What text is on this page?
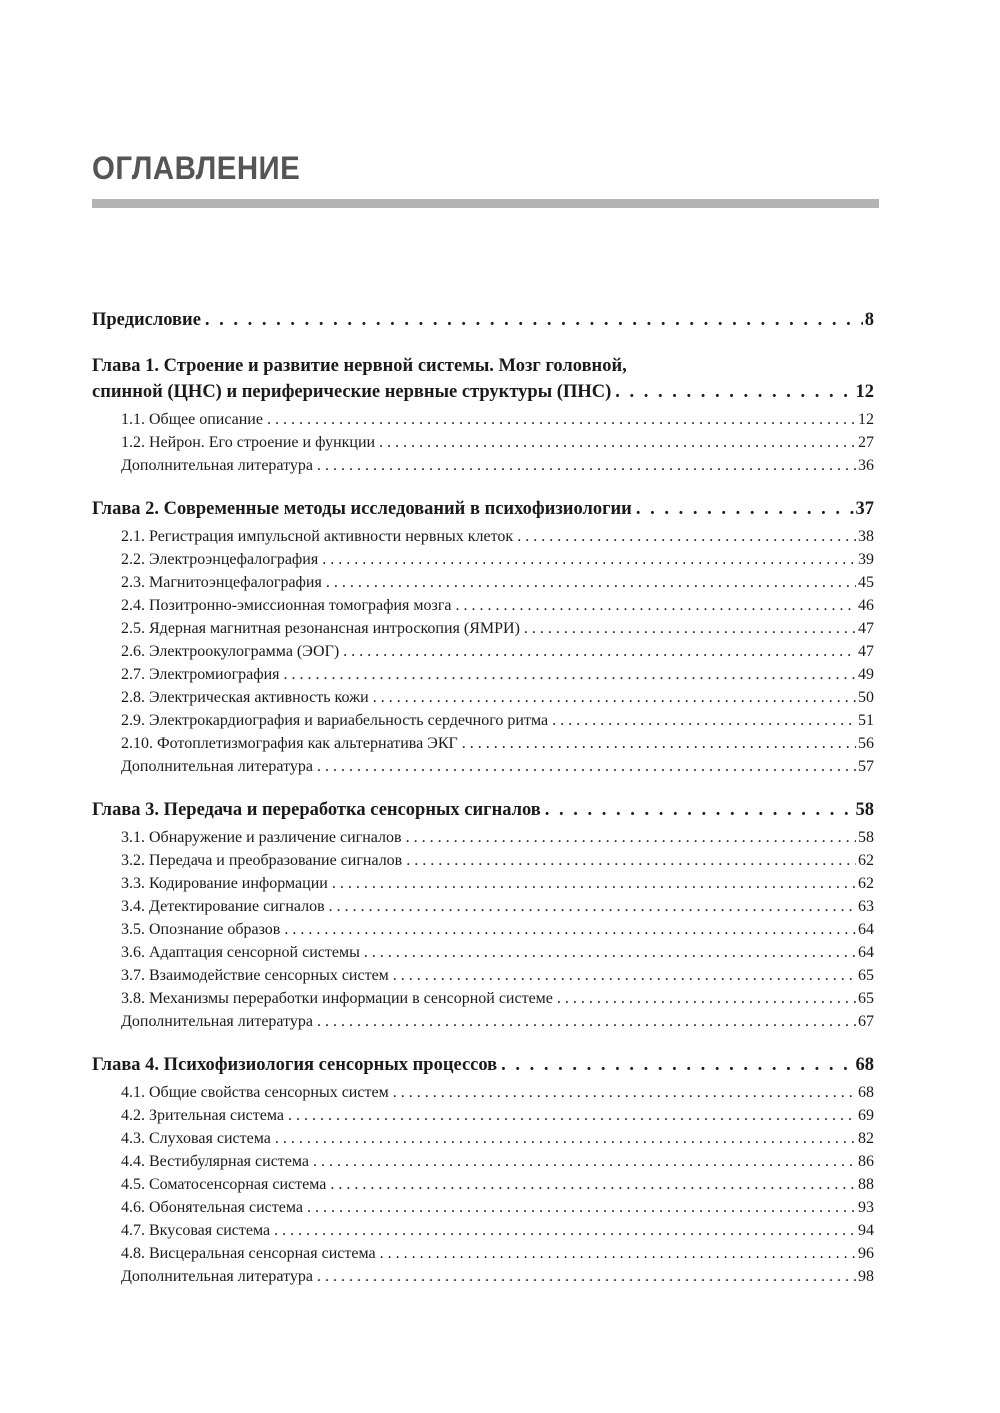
ОГЛАВЛЕНИЕ
Предисловие . . .	8
Глава 1. Строение и развитие нервной системы. Мозг головной,
спинной (ЦНС) и периферические нервные структуры (ПНС) . . .	12
1.1. Общее описание . . .	12
1.2. Нейрон. Его строение и функции . . .	27
Дополнительная литература . . .	36
Глава 2. Современные методы исследований в психофизиологии . . .	37
2.1. Регистрация импульсной активности нервных клеток . . .	38
2.2. Электроэнцефалография . . .	39
2.3. Магнитоэнцефалография . . .	45
2.4. Позитронно-эмиссионная томография мозга . . .	46
2.5. Ядерная магнитная резонансная интроскопия (ЯМРИ) . . .	47
2.6. Электроокулограмма (ЭОГ) . . .	47
2.7. Электромиография . . .	49
2.8. Электрическая активность кожи . . .	50
2.9. Электрокардиография и вариабельность сердечного ритма . . .	51
2.10. Фотоплетизмография как альтернатива ЭКГ . . .	56
Дополнительная литература . . .	57
Глава 3. Передача и переработка сенсорных сигналов . . .	58
3.1. Обнаружение и различение сигналов . . .	58
3.2. Передача и преобразование сигналов . . .	62
3.3. Кодирование информации . . .	62
3.4. Детектирование сигналов . . .	63
3.5. Опознание образов . . .	64
3.6. Адаптация сенсорной системы . . .	64
3.7. Взаимодействие сенсорных систем . . .	65
3.8. Механизмы переработки информации в сенсорной системе . . .	65
Дополнительная литература . . .	67
Глава 4. Психофизиология сенсорных процессов . . .	68
4.1. Общие свойства сенсорных систем . . .	68
4.2. Зрительная система . . .	69
4.3. Слуховая система . . .	82
4.4. Вестибулярная система . . .	86
4.5. Соматосенсорная система . . .	88
4.6. Обонятельная система . . .	93
4.7. Вкусовая система . . .	94
4.8. Висцеральная сенсорная система . . .	96
Дополнительная литература . . .	98
